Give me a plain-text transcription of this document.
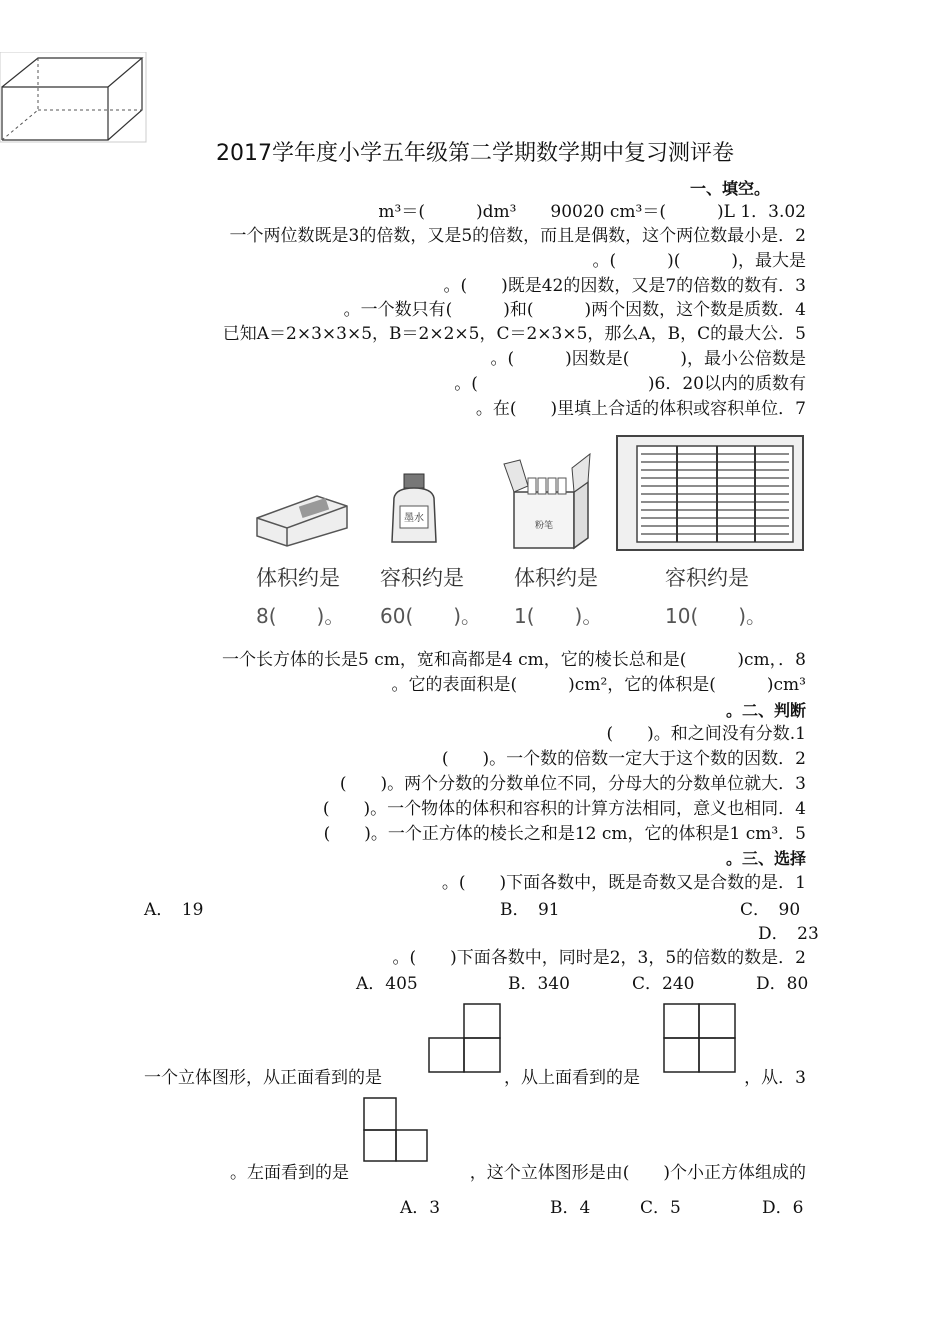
2017学年度小学五年级第二学期数学期中复习测评卷
一、填空。
m³＝(　　　)dm³　　90020 cm³＝(　　　)L 1．3.02
一个两位数既是3的倍数，又是5的倍数，而且是偶数，这个两位数最小是．2
。(　　　)(　　　)，最大是
。(　　)既是42的因数，又是7的倍数的数有．3
。一个数只有(　　　)和(　　　)两个因数，这个数是质数．4
已知A＝2×3×3×5，B＝2×2×5，C＝2×3×5，那么A，B，C的最大公．5
。(　　　)因数是(　　　)，最小公倍数是
。(　　　　　　　　　　)6．20以内的质数有
。在(　　)里填上合适的体积或容积单位．7
墨水
粉笔
体积约是 容积约是 体积约是	容积约是
8(　　)。 60(　　)。 1(　　)。	10(　　)。
一个长方体的长是5 cm，宽和高都是4 cm，它的棱长总和是(　　　)cm，．8
。它的表面积是(　　　)cm²，它的体积是(　　　)cm³
。二、判断
(　　)。和之间没有分数.1
(　　)。一个数的倍数一定大于这个数的因数．2
(　　)。两个分数的分数单位不同，分母大的分数单位就大．3
(　　)。一个物体的体积和容积的计算方法相同，意义也相同．4
(　　)。一个正方体的棱长之和是12 cm，它的体积是1 cm³．5
。三、选择
。(　　)下面各数中，既是奇数又是合数的是．1
A．　19	B．　91	C．　90
D．　23
。(　　)下面各数中，同时是2，3，5的倍数的数是．2
A．405	B．340	C．240	D．80
一个立体图形，从正面看到的是	，从上面看到的是	，从．3
。左面看到的是	，这个立体图形是由(　　)个小正方体组成的
A．3	B．4	C．5	D．6
